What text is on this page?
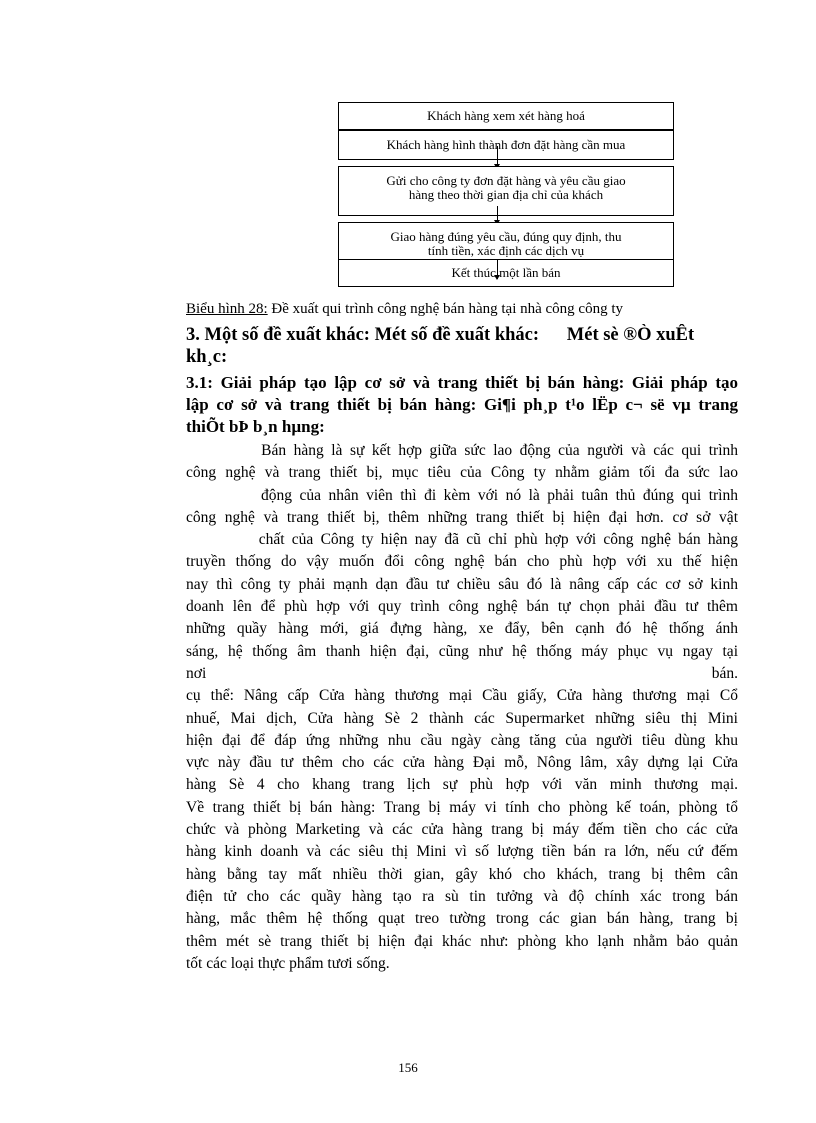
Khách hàng xem xét hàng hoá
Khách hàng hình thành đơn đặt hàng cần mua
Gửi cho công ty đơn đặt hàng và yêu cầu giao
hàng theo thời gian địa chỉ của khách
Giao hàng đúng yêu cầu, đúng quy định, thu
tính tiền, xác định các dịch vụ
Kết thúc một lần bán
Biểu hình 28: Đề xuất qui trình công nghệ bán hàng tại nhà công công ty
3. Một số đề xuất khác: Mét số đề xuất khác:      Mét sè ®Ò xuÊt
kh¸c:
3.1: Giải pháp tạo lập cơ sở và trang thiết bị bán hàng: Giải pháp tạo
lập cơ sở và trang thiết bị bán hàng: Gi¶i ph¸p t¹o lËp c¬ së vµ trang
thiÕt bÞ b¸n hµng:
Bán hàng là sự kết hợp giữa sức lao động của người và các qui trình
công nghệ và trang thiết bị, mục tiêu của Công ty nhằm giảm tối đa sức lao
động của nhân viên thì đi kèm với nó là phải tuân thủ đúng qui trình
công nghệ và trang thiết bị, thêm những trang thiết bị hiện đại hơn. cơ sở vật
chất của Công ty hiện nay đã cũ chỉ phù hợp với công nghệ bán hàng
truyền thống do vậy muốn đổi công nghệ bán cho phù hợp với xu thế hiện
nay thì công ty phải mạnh dạn đầu tư chiều sâu đó là nâng cấp các cơ sở kinh
doanh lên để phù hợp với quy trình công nghệ bán tự chọn phải đầu tư thêm
những quầy hàng mới, giá đựng hàng, xe đẩy, bên cạnh đó hệ thống ánh
sáng, hệ thống âm thanh hiện đại, cũng như hệ thống máy phục vụ ngay tại
nơi                                                                                                          bán.
cụ thể: Nâng cấp Cửa hàng thương mại Cầu giấy, Cửa hàng thương mại Cổ
nhuế, Mai dịch, Cửa hàng Sè 2 thành các Supermarket những siêu thị Mini
hiện đại để đáp ứng những nhu cầu ngày càng tăng của người tiêu dùng khu
vực này đầu tư thêm cho các cửa hàng Đại mỗ, Nông lâm, xây dựng lại Cửa
hàng Sè 4 cho khang trang lịch sự phù hợp với văn minh thương mại.
Về trang thiết bị bán hàng: Trang bị máy vi tính cho phòng kế toán, phòng tổ
chức và phòng Marketing và các cửa hàng trang bị máy đếm tiền cho các cửa
hàng kinh doanh và các siêu thị Mini vì số lượng tiền bán ra lớn, nếu cứ đếm
hàng bằng tay mất nhiều thời gian, gây khó cho khách, trang bị thêm cân
điện tử cho các quầy hàng tạo ra sù tin tưởng và độ chính xác trong bán
hàng, mắc thêm hệ thống quạt treo tường trong các gian bán hàng, trang bị
thêm mét sè trang thiết bị hiện đại khác như: phòng kho lạnh nhằm bảo quản
tốt các loại thực phẩm tươi sống.
156
